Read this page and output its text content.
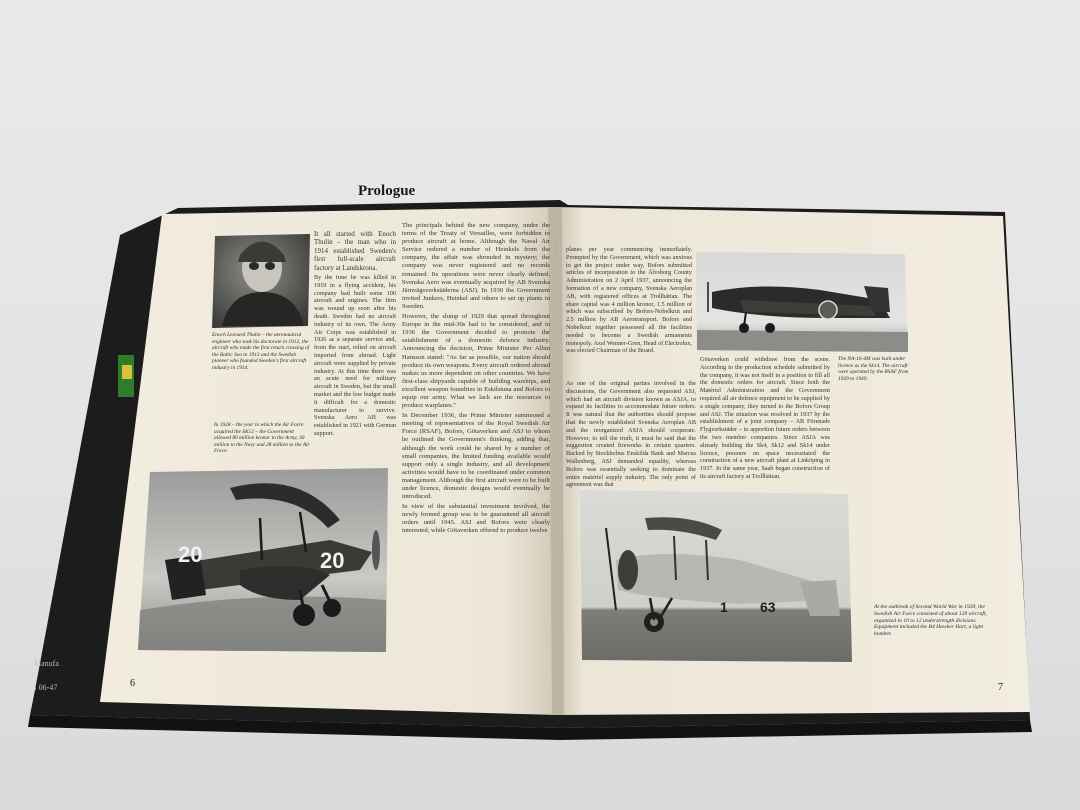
Manufa
I 06-47
Enoch Leonard Thulin – the aeronautical engineer who took his doctorate in 1912, the aircraft who made the first return crossing of the Baltic Sea in 1913 and the Swedish pioneer who founded Sweden's first aircraft industry in 1914.

It all started with Enoch Thulin – the man who in 1914 established Sweden's first full-scale aircraft factory at Landskrona.

By the time he was killed in 1919 in a flying accident, his company had built some 100 aircraft and engines. The firm was wound up soon after his death. Sweden had no aircraft industry of its own. The Army Air Corps was established in 1926 as a separate service and, from the start, relied on aircraft imported from abroad. Light aircraft were supplied by private industry. At this time there was an acute need for military aircraft in Sweden, but the small market and the low budget made it difficult for a domestic manufacturer to survive. Svenska Aero AB was established in 1921 with German support.

In 1928 – the year in which the Air Force acquired the SK12 – the Government allowed 80 million kronor to the Army, 30 million to the Navy and 28 million to the Air Force.

The principals behind the new company, under the terms of the Treaty of Versailles, were forbidden to produce aircraft at home. Although the Naval Air Service ordered a number of Heinkels from the company, the affair was shrouded in mystery; the company was never registered and no records remained. Its operations were never clearly defined. Svenska Aero was eventually acquired by AB Svenska Järnvägsverkstäderna (ASJ). In 1930 the Government invited Junkers, Heinkel and others to set up plants in Sweden.

However, the slump of 1929 that spread throughout Europe in the mid-30s had to be considered, and in 1936 the Government decided to promote the establishment of a domestic defence industry. Announcing the decision, Prime Minister Per Albin Hansson stated: "As far as possible, our nation should produce its own weapons. Every aircraft ordered abroad makes us more dependent on other countries. We have first-class shipyards capable of building warships, and excellent weapon foundries in Eskilstuna and Bofors to equip our army. What we lack are the resources to produce warplanes."

In December 1936, the Prime Minister summoned a meeting of representatives of the Royal Swedish Air Force (RSAF), Bofors, Götaverken and ASJ to whom he outlined the Government's thinking, adding that, although the work could be shared by a number of small companies, the limited funding available would support only a single industry, and all development activities would have to be coordinated under common management. Although the first aircraft were to be built under licence, domestic designs would eventually be introduced.

In view of the substantial investment involved, the newly formed group was to be guaranteed all aircraft orders until 1945. ASJ and Bofors were clearly interested, while Götaverken offered to produce twelve

20	20
Prologue
6

planes per year commencing immediately. Prompted by the Government, which was anxious to get the project under way, Bofors submitted articles of incorporation to the Älvsborg County Administration on 2 April 1937, announcing the formation of a new company, Svenska Aeroplan AB, with registered offices at Trollhättan. The share capital was 4 million kronor, 1.5 million of which was subscribed by Bofors-Nobelkrut and 2.5 million by AB Aerotransport. Bofors and Nobelkrut together possessed all the facilities needed to become a Swedish armaments monopoly. Axel Wenner-Gren, Head of Electrolux, was elected Chairman of the Board.

As one of the original parties involved in the discussions, the Government also requested ASJ, which had an aircraft division known as ASJA, to expand its facilities to accommodate future orders. It was natural that the authorities should propose that the newly established Svenska Aeroplan AB and the reorganized ASJA should cooperate. However, to tell the truth, it must be said that the suggestion created fireworks in certain quarters. Backed by Stockholms Enskilda Bank and Marcus Wallenberg, ASJ demanded equality, whereas Bofors was essentially seeking to dominate the entire matériel supply industry. The only point of agreement was that

Götaverken could withdraw from the scene. According to the production schedule submitted by the company, it was not itself in a position to fill all the domestic orders for aircraft. Since both the Matériel Administration and the Government required all air defence equipment to be supplied by a single company, they turned to the Bofors Group and ASJ. The situation was resolved in 1937 by the establishment of a joint company – AB Förenade Flygverkstäder – to apportion future orders between the two member companies. Since ASJA was already building the Sk4, Sk12 and Sk14 under licence, pressure on space necessitated the construction of a new aircraft plant at Linköping in 1937. In the same year, Saab began construction of its aircraft factory at Trollhättan.

The NA-16-4M was built under licence as the Sk14. The aircraft were operated by the RSAF from 1939 to 1949.
1 63	At the outbreak of Second World War in 1939, the Swedish Air Force consisted of about 120 aircraft, organized in 10 to 12 understrength divisions. Equipment included the B4 Hawker Hart, a light bomber.
7
